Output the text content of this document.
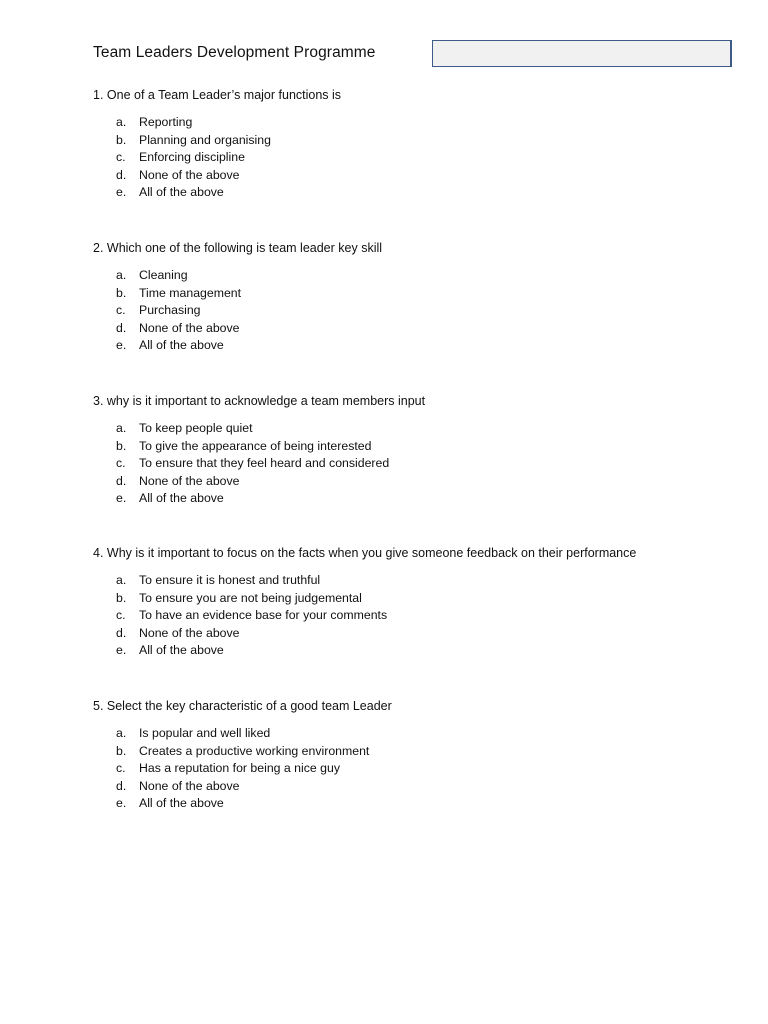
Team Leaders Development Programme
1. One of a Team Leader’s major functions is
a. Reporting
b. Planning and organising
c. Enforcing discipline
d. None of the above
e. All of the above
2. Which one of the following is team leader key skill
a. Cleaning
b. Time management
c. Purchasing
d. None of the above
e. All of the above
3. why is it important to acknowledge a team members input
a. To keep people quiet
b. To give the appearance of being interested
c. To ensure that they feel heard and considered
d. None of the above
e. All of the above
4. Why is it important to focus on the facts when you give someone feedback on their performance
a. To ensure it is honest and truthful
b. To ensure you are not being judgemental
c. To have an evidence base for your comments
d. None of the above
e. All of the above
5. Select the key characteristic of a good team Leader
a. Is popular and well liked
b. Creates a productive working environment
c. Has a reputation for being a nice guy
d. None of the above
e. All of the above
